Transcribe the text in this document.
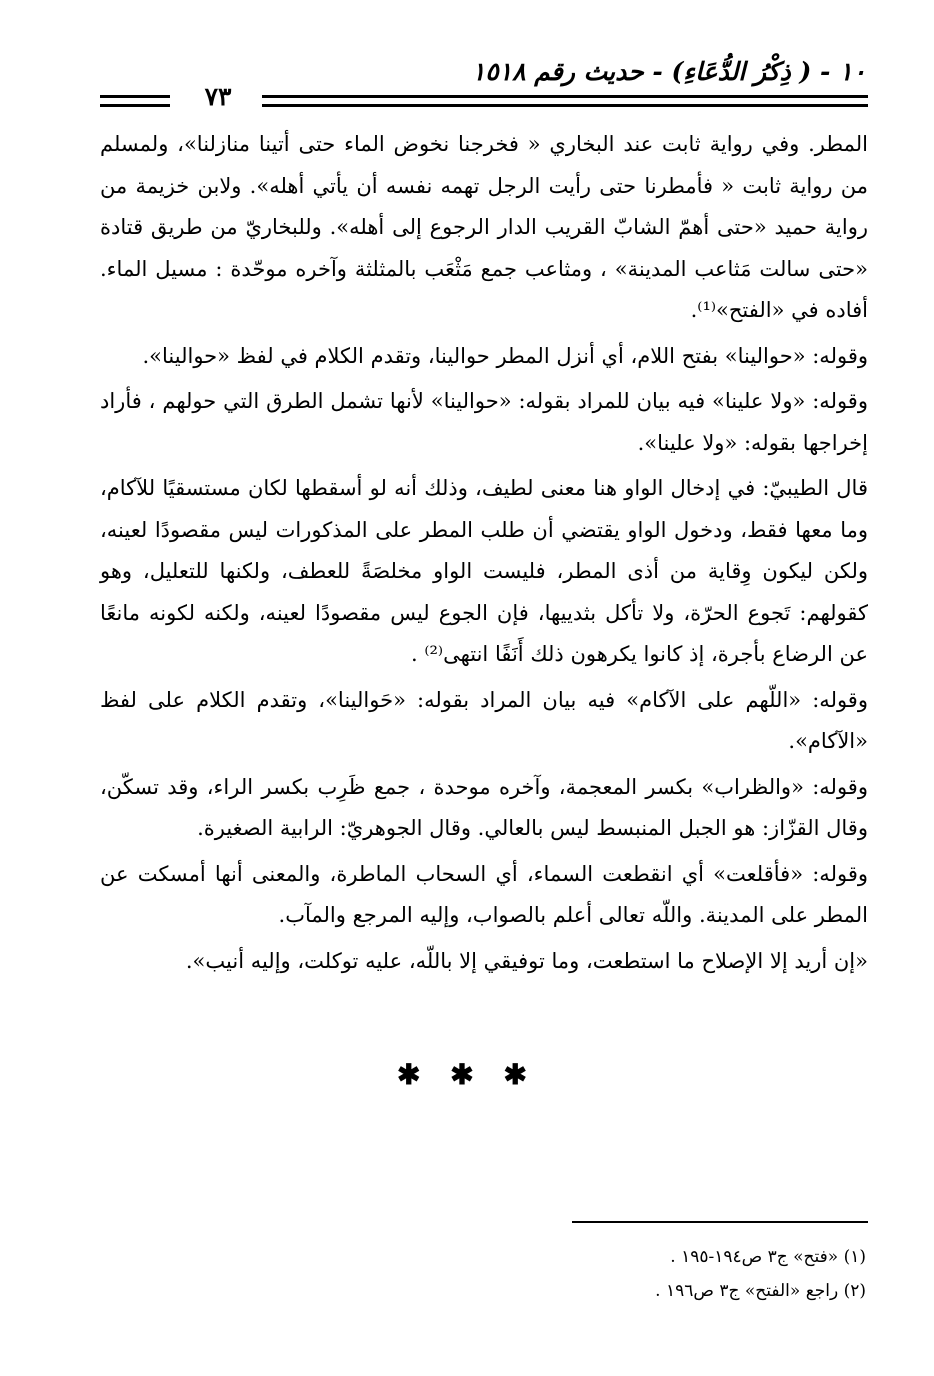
١٠ - ( ذِكْرُ الدُّعَاءِ) - حديث رقم ١٥١٨
٧٣

المطر. وفي رواية ثابت عند البخاري « فخرجنا نخوض الماء حتى أتينا منازلنا»، ولمسلم من رواية ثابت « فأمطرنا حتى رأيت الرجل تهمه نفسه أن يأتي أهله». ولابن خزيمة من رواية حميد «حتى أهمّ الشابّ القريب الدار الرجوع إلى أهله». وللبخاريّ من طريق قتادة «حتى سالت مَثاعب المدينة» ، ومثاعب جمع مَثْعَب بالمثلثة وآخره موحّدة : مسيل الماء. أفاده في «الفتح»⁽¹⁾.

وقوله: «حوالينا» بفتح اللام، أي أنزل المطر حوالينا، وتقدم الكلام في لفظ «حوالينا».

وقوله: «ولا علينا» فيه بيان للمراد بقوله: «حوالينا» لأنها تشمل الطرق التي حولهم ، فأراد إخراجها بقوله: «ولا علينا».

قال الطيبيّ: في إدخال الواو هنا معنى لطيف، وذلك أنه لو أسقطها لكان مستسقيًا للآكام، وما معها فقط، ودخول الواو يقتضي أن طلب المطر على المذكورات ليس مقصودًا لعينه، ولكن ليكون وِقاية من أذى المطر، فليست الواو مخلصَةً للعطف، ولكنها للتعليل، وهو كقولهم: تَجوع الحرّة، ولا تأكل بثدييها، فإن الجوع ليس مقصودًا لعينه، ولكنه لكونه مانعًا عن الرضاع بأجرة، إذ كانوا يكرهون ذلك أَنَفًا انتهى⁽²⁾ .

وقوله: «اللّهم على الآكام» فيه بيان المراد بقوله: «حَوالينا»، وتقدم الكلام على لفظ «الآكام».

وقوله: «والظراب» بكسر المعجمة، وآخره موحدة ، جمع ظَرِب بكسر الراء، وقد تسكّن، وقال القزّاز: هو الجبل المنبسط ليس بالعالي. وقال الجوهريّ: الرابية الصغيرة.

وقوله: «فأقلعت» أي انقطعت السماء، أي السحاب الماطرة، والمعنى أنها أمسكت عن المطر على المدينة. واللّه تعالى أعلم بالصواب، وإليه المرجع والمآب.

«إن أريد إلا الإصلاح ما استطعت، وما توفيقي إلا باللّه، عليه توكلت، وإليه أنيب».

✱ ✱ ✱
(١) «فتح» ج٣ ص١٩٤-١٩٥ .
(٢) راجع «الفتح» ج٣ ص١٩٦ .
